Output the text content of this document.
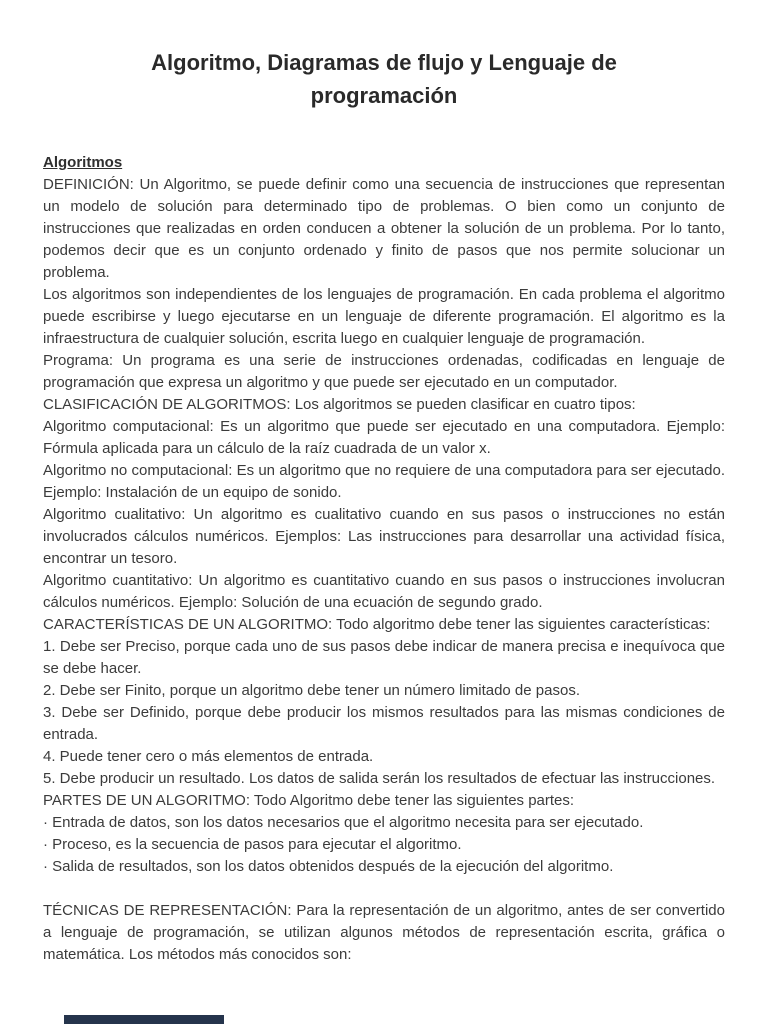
Algoritmo, Diagramas de flujo y Lenguaje de programación
Algoritmos

DEFINICIÓN: Un Algoritmo, se puede definir como una secuencia de instrucciones que representan un modelo de solución para determinado tipo de problemas. O bien como un conjunto de instrucciones que realizadas en orden conducen a obtener la solución de un problema. Por lo tanto, podemos decir que es un conjunto ordenado y finito de pasos que nos permite solucionar un problema.

Los algoritmos son independientes de los lenguajes de programación. En cada problema el algoritmo puede escribirse y luego ejecutarse en un lenguaje de diferente programación. El algoritmo es la infraestructura de cualquier solución, escrita luego en cualquier lenguaje de programación.

Programa: Un programa es una serie de instrucciones ordenadas, codificadas en lenguaje de programación que expresa un algoritmo y que puede ser ejecutado en un computador.

CLASIFICACIÓN DE ALGORITMOS: Los algoritmos se pueden clasificar en cuatro tipos:

Algoritmo computacional: Es un algoritmo que puede ser ejecutado en una computadora. Ejemplo: Fórmula aplicada para un cálculo de la raíz cuadrada de un valor x.

Algoritmo no computacional: Es un algoritmo que no requiere de una computadora para ser ejecutado. Ejemplo: Instalación de un equipo de sonido.

Algoritmo cualitativo: Un algoritmo es cualitativo cuando en sus pasos o instrucciones no están involucrados cálculos numéricos. Ejemplos: Las instrucciones para desarrollar una actividad física, encontrar un tesoro.

Algoritmo cuantitativo: Un algoritmo es cuantitativo cuando en sus pasos o instrucciones involucran cálculos numéricos. Ejemplo: Solución de una ecuación de segundo grado.

CARACTERÍSTICAS DE UN ALGORITMO: Todo algoritmo debe tener las siguientes características:

1. Debe ser Preciso, porque cada uno de sus pasos debe indicar de manera precisa e inequívoca que se debe hacer.

2. Debe ser Finito, porque un algoritmo debe tener un número limitado de pasos.

3. Debe ser Definido, porque debe producir los mismos resultados para las mismas condiciones de entrada.

4. Puede tener cero o más elementos de entrada.

5. Debe producir un resultado. Los datos de salida serán los resultados de efectuar las instrucciones.

PARTES DE UN ALGORITMO: Todo Algoritmo debe tener las siguientes partes:

· Entrada de datos, son los datos necesarios que el algoritmo necesita para ser ejecutado.

· Proceso, es la secuencia de pasos para ejecutar el algoritmo.

· Salida de resultados, son los datos obtenidos después de la ejecución del algoritmo.

TÉCNICAS DE REPRESENTACIÓN: Para la representación de un algoritmo, antes de ser convertido a lenguaje de programación, se utilizan algunos métodos de representación escrita, gráfica o matemática. Los métodos más conocidos son:
